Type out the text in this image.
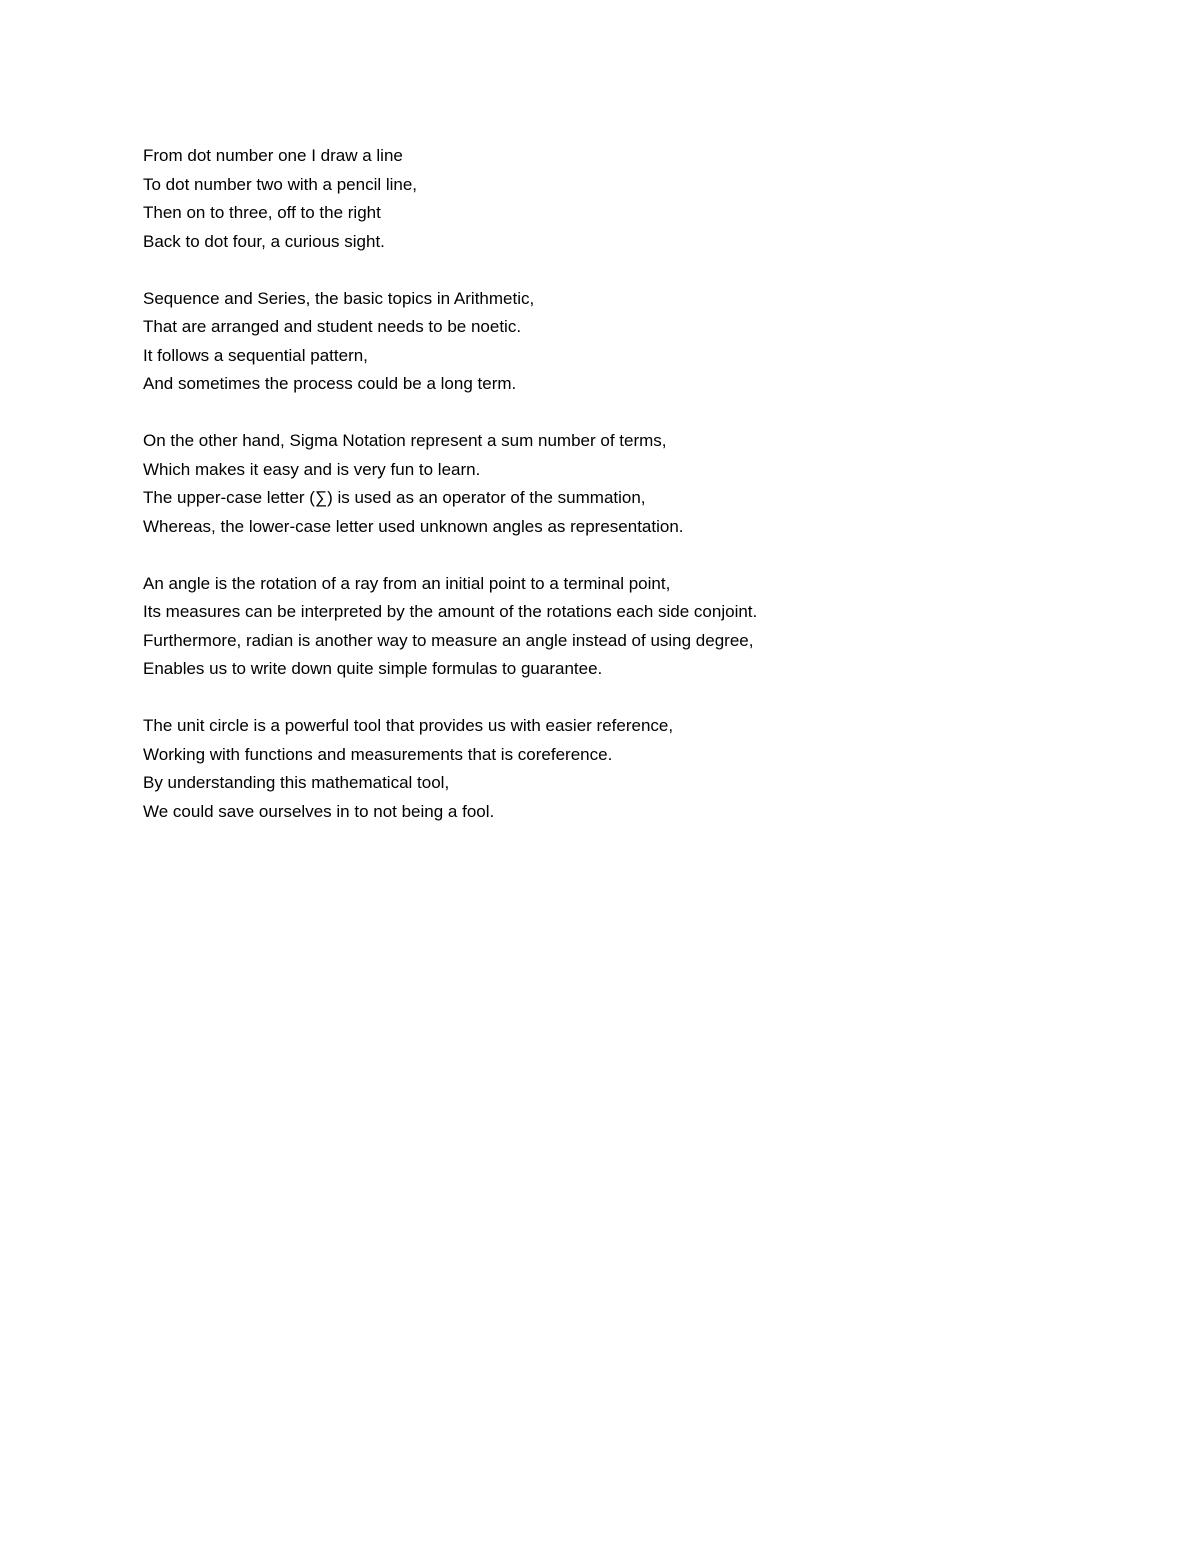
From dot number one I draw a line
To dot number two with a pencil line,
Then on to three, off to the right
Back to dot four, a curious sight.
Sequence and Series, the basic topics in Arithmetic,
That are arranged and student needs to be noetic.
It follows a sequential pattern,
And sometimes the process could be a long term.
On the other hand, Sigma Notation represent a sum number of terms,
Which makes it easy and is very fun to learn.
The upper-case letter (∑) is used as an operator of the summation,
Whereas, the lower-case letter used unknown angles as representation.
An angle is the rotation of a ray from an initial point to a terminal point,
Its measures can be interpreted by the amount of the rotations each side conjoint.
Furthermore, radian is another way to measure an angle instead of using degree,
Enables us to write down quite simple formulas to guarantee.
The unit circle is a powerful tool that provides us with easier reference,
Working with functions and measurements that is coreference.
By understanding this mathematical tool,
We could save ourselves in to not being a fool.
